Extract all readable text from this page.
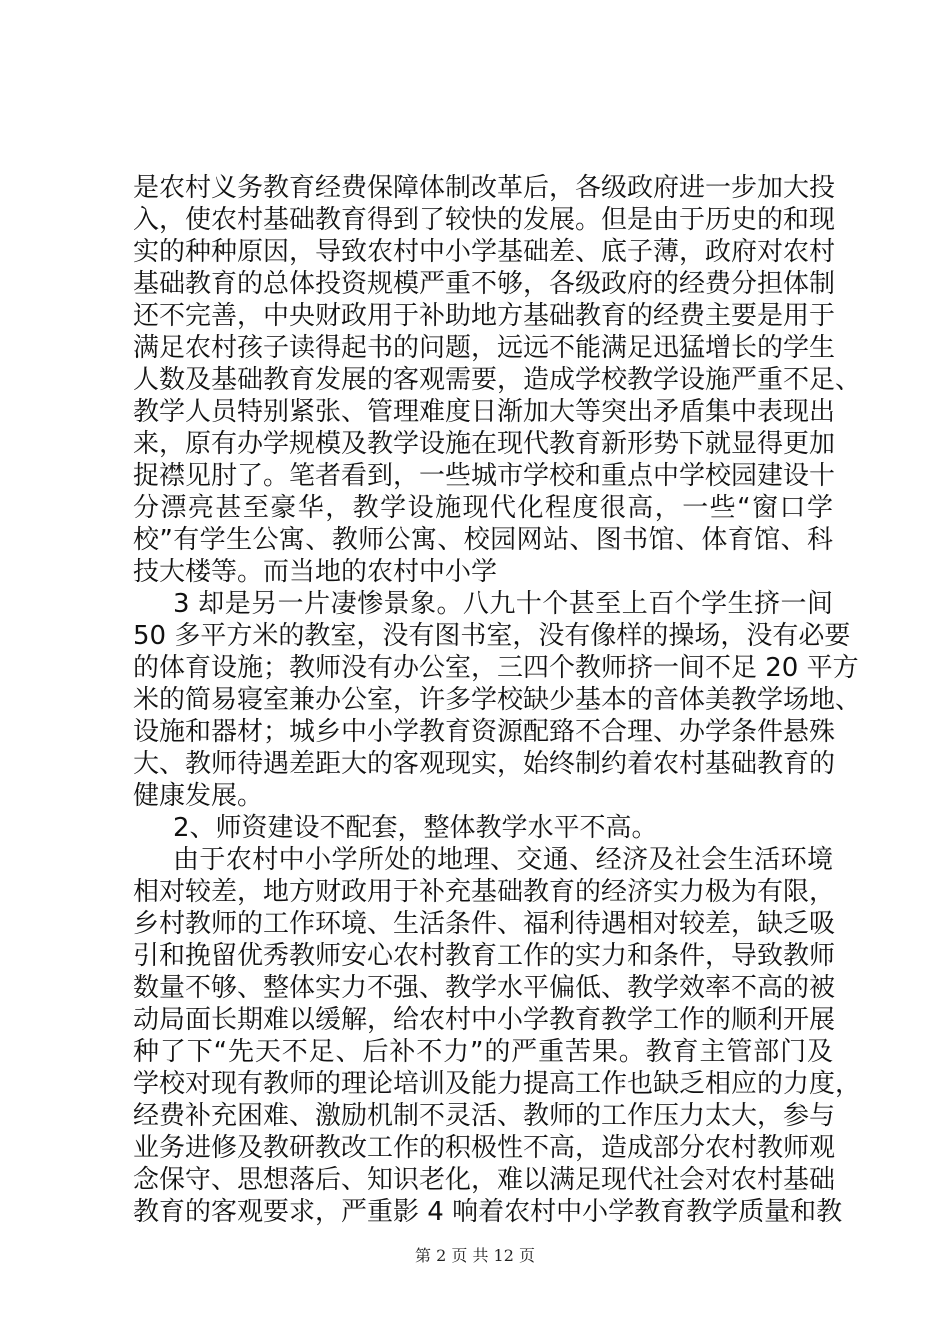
是农村义务教育经费保障体制改革后，各级政府进一步加大投
入，使农村基础教育得到了较快的发展。但是由于历史的和现
实的种种原因，导致农村中小学基础差、底子薄，政府对农村
基础教育的总体投资规模严重不够，各级政府的经费分担体制
还不完善，中央财政用于补助地方基础教育的经费主要是用于
满足农村孩子读得起书的问题，远远不能满足迅猛增长的学生
人数及基础教育发展的客观需要，造成学校教学设施严重不足、
教学人员特别紧张、管理难度日渐加大等突出矛盾集中表现出
来，原有办学规模及教学设施在现代教育新形势下就显得更加
捉襟见肘了。笔者看到，一些城市学校和重点中学校园建设十
分漂亮甚至豪华，教学设施现代化程度很高，一些“窗口学
校”有学生公寓、教师公寓、校园网站、图书馆、体育馆、科
技大楼等。而当地的农村中小学
3 却是另一片凄惨景象。八九十个甚至上百个学生挤一间
50 多平方米的教室，没有图书室，没有像样的操场，没有必要
的体育设施；教师没有办公室，三四个教师挤一间不足 20 平方
米的简易寝室兼办公室，许多学校缺少基本的音体美教学场地、
设施和器材；城乡中小学教育资源配臵不合理、办学条件悬殊
大、教师待遇差距大的客观现实，始终制约着农村基础教育的
健康发展。
2、师资建设不配套，整体教学水平不高。
由于农村中小学所处的地理、交通、经济及社会生活环境
相对较差，地方财政用于补充基础教育的经济实力极为有限，
乡村教师的工作环境、生活条件、福利待遇相对较差，缺乏吸
引和挽留优秀教师安心农村教育工作的实力和条件，导致教师
数量不够、整体实力不强、教学水平偏低、教学效率不高的被
动局面长期难以缓解，给农村中小学教育教学工作的顺利开展
种了下“先天不足、后补不力”的严重苦果。教育主管部门及
学校对现有教师的理论培训及能力提高工作也缺乏相应的力度，
经费补充困难、激励机制不灵活、教师的工作压力太大，参与
业务进修及教研教改工作的积极性不高，造成部分农村教师观
念保守、思想落后、知识老化，难以满足现代社会对农村基础
教育的客观要求，严重影 4 响着农村中小学教育教学质量和教
第 2 页 共 12 页
